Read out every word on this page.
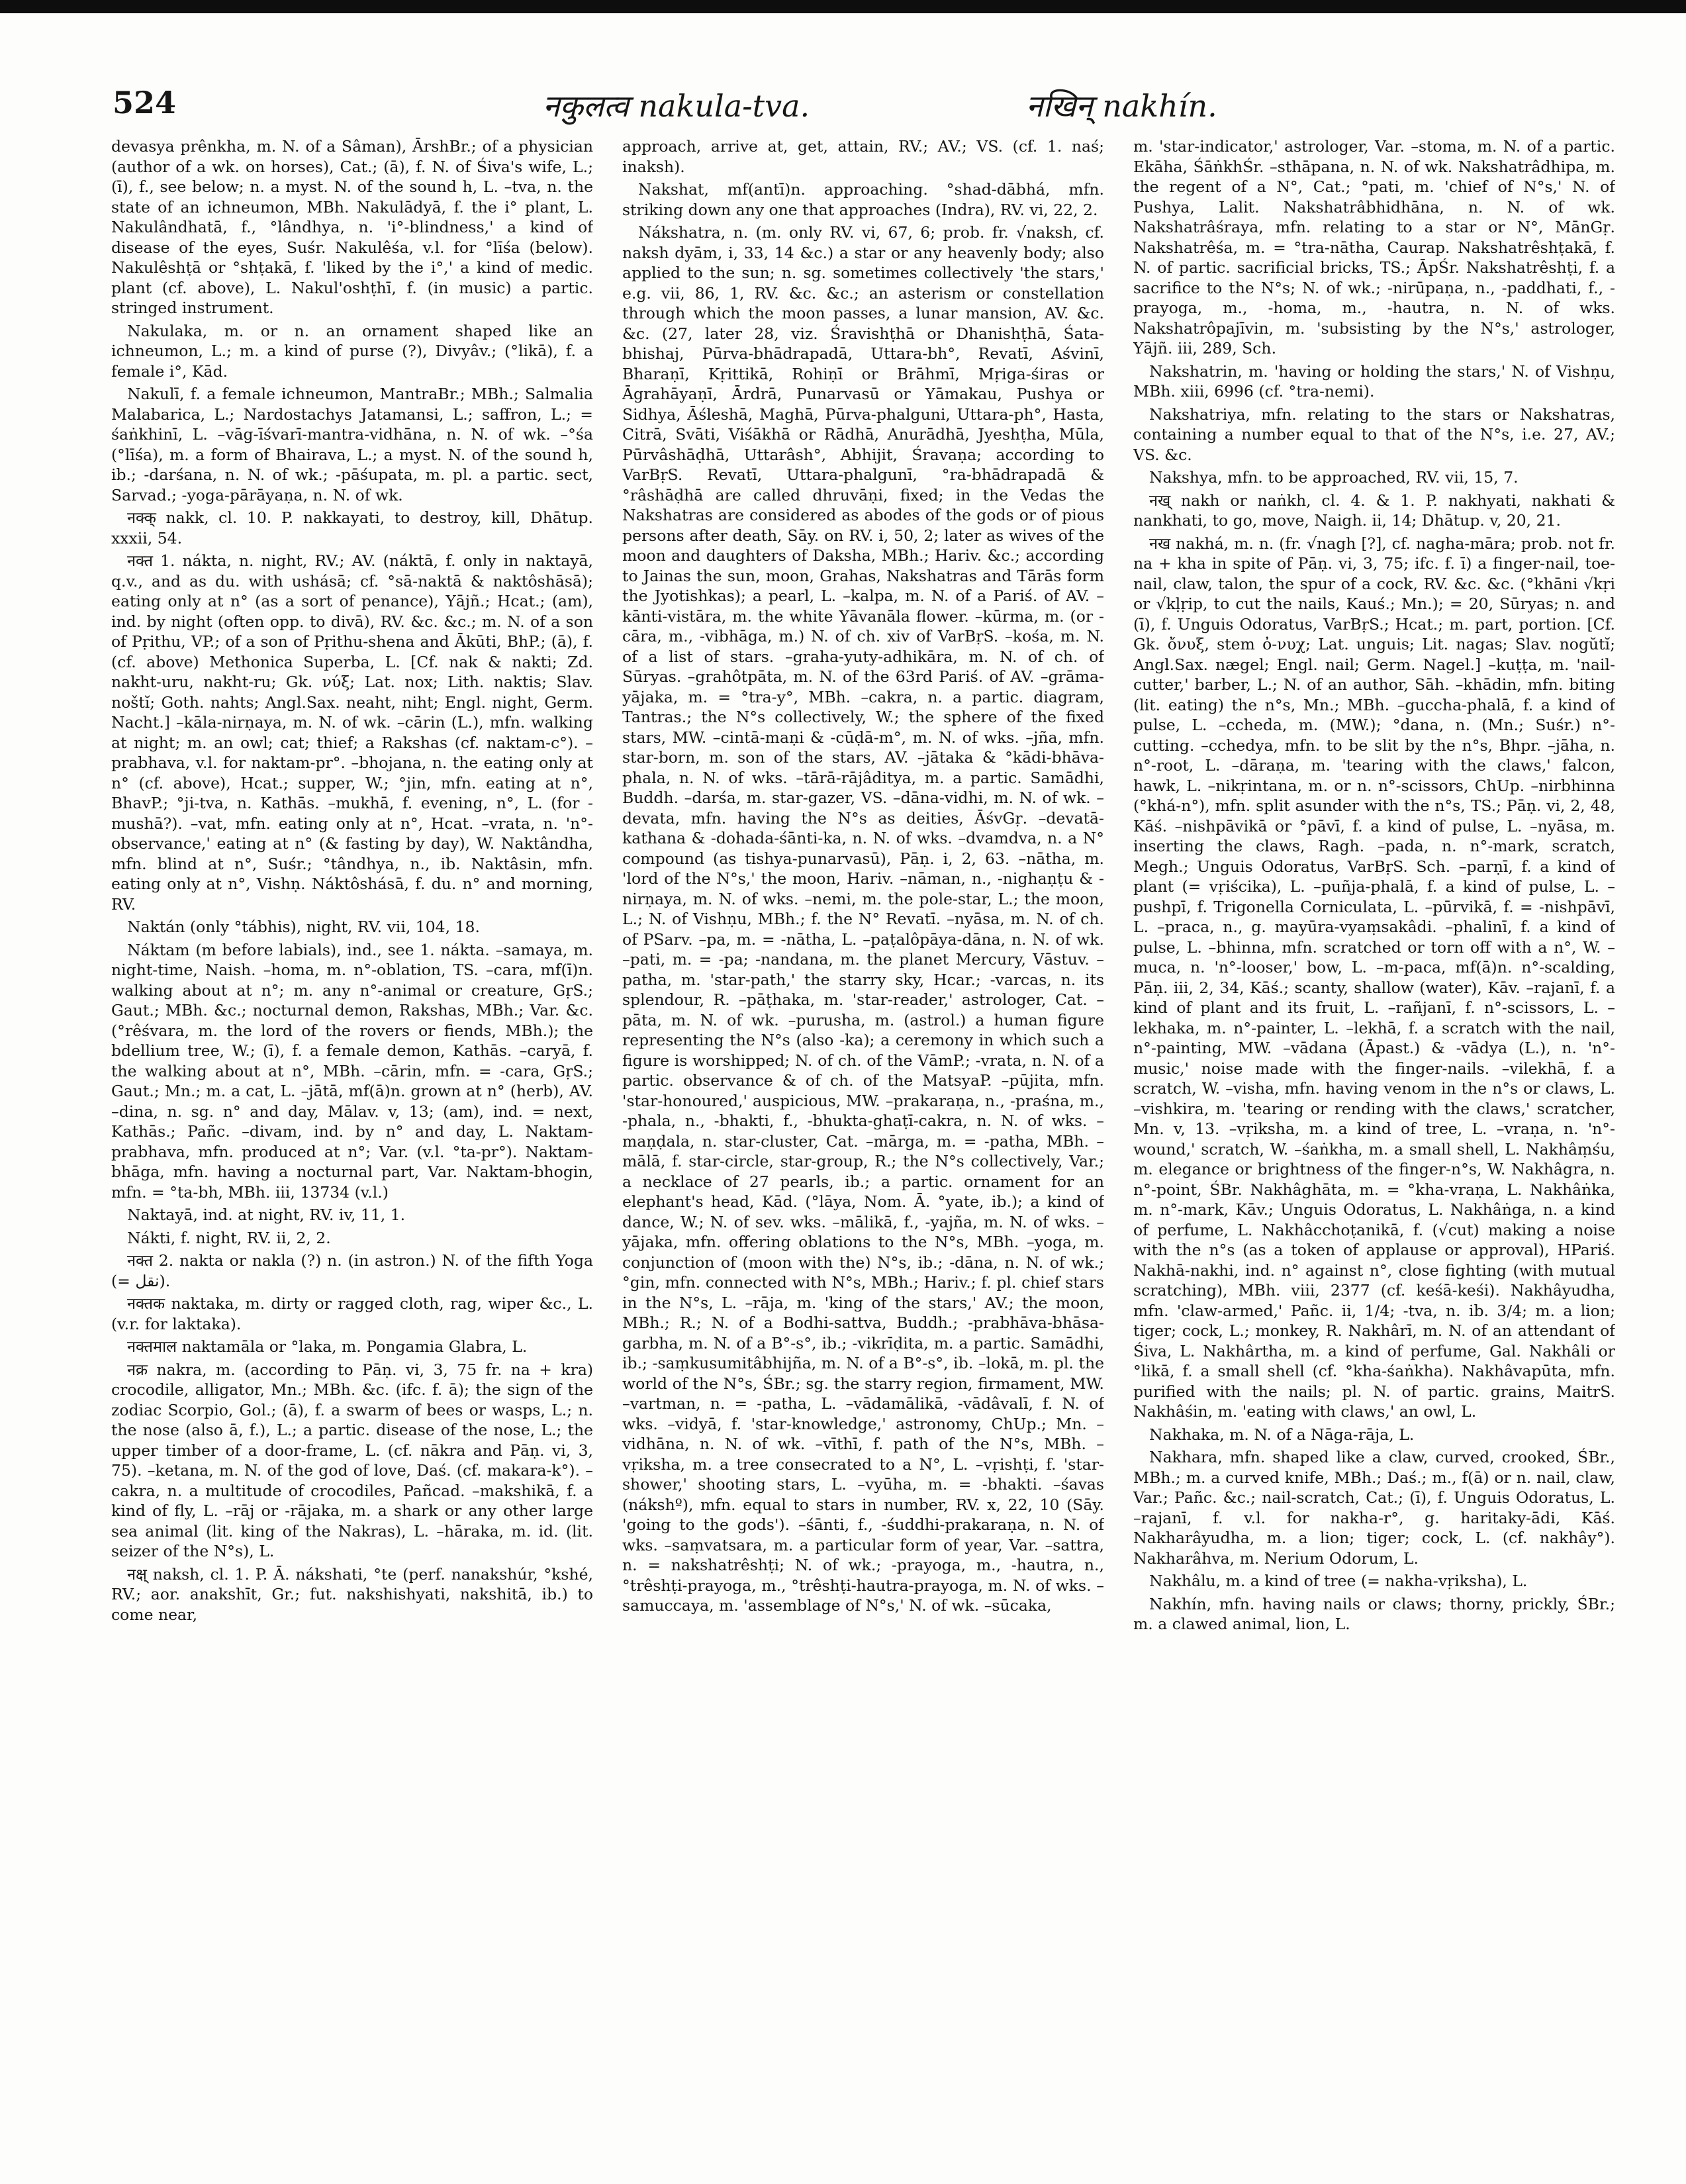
524	नकुलत्व nakula-tva.	नखिन् nakhín.

devasya prênkha, m. N. of a Sâman), ĀrshBr.; of a physician (author of a wk. on horses), Cat.; (ā), f. N. of Śiva's wife, L.; (ī), f., see below; n. a myst. N. of the sound h, L. –tva, n. the state of an ichneumon, MBh. Nakulādyā, f. the i° plant, L. Nakulândhatā, f., °lândhya, n. 'i°-blindness,' a kind of disease of the eyes, Suśr. Nakulêśa, v.l. for °līśa (below). Nakulêshṭā or °shṭakā, f. 'liked by the i°,' a kind of medic. plant (cf. above), L. Nakul'oshṭhī, f. (in music) a partic. stringed instrument.

Nakulaka, m. or n. an ornament shaped like an ichneumon, L.; m. a kind of purse (?), Divyâv.; (°likā), f. a female i°, Kād.

Nakulī, f. a female ichneumon, MantraBr.; MBh.; Salmalia Malabarica, L.; Nardostachys Jatamansi, L.; saffron, L.; = śaṅkhinī, L. –vāg-īśvarī-mantra-vidhāna, n. N. of wk. –°śa (°līśa), m. a form of Bhairava, L.; a myst. N. of the sound h, ib.; -darśana, n. N. of wk.; -pāśupata, m. pl. a partic. sect, Sarvad.; -yoga-pārāyaṇa, n. N. of wk.

नक्क् nakk, cl. 10. P. nakkayati, to destroy, kill, Dhātup. xxxii, 54.

नक्त 1. nákta, n. night, RV.; AV. (náktā, f. only in naktayā, q.v., and as du. with ushásā; cf. °sā-naktā & naktôshāsā); eating only at n° (as a sort of penance), Yājñ.; Hcat.; (am), ind. by night (often opp. to divā), RV. &c. &c.; m. N. of a son of Pṛithu, VP.; of a son of Pṛithu-shena and Ākūti, BhP.; (ā), f. (cf. above) Methonica Superba, L. [Cf. nak & nakti; Zd. nakht-uru, nakht-ru; Gk. νύξ; Lat. nox; Lith. naktis; Slav. noštĭ; Goth. nahts; Angl.Sax. neaht, niht; Engl. night, Germ. Nacht.] –kāla-nirṇaya, m. N. of wk. –cārin (L.), mfn. walking at night; m. an owl; cat; thief; a Rakshas (cf. naktam-c°). –prabhava, v.l. for naktam-pr°. –bhojana, n. the eating only at n° (cf. above), Hcat.; supper, W.; °jin, mfn. eating at n°, BhavP.; °ji-tva, n. Kathās. –mukhā, f. evening, n°, L. (for -mushā?). –vat, mfn. eating only at n°, Hcat. –vrata, n. 'n°-observance,' eating at n° (& fasting by day), W. Naktândha, mfn. blind at n°, Suśr.; °tândhya, n., ib. Naktâsin, mfn. eating only at n°, Vishṇ. Náktôshásā, f. du. n° and morning, RV.

Naktán (only °tábhis), night, RV. vii, 104, 18.

Náktam (m before labials), ind., see 1. nákta. –samaya, m. night-time, Naish. –homa, m. n°-oblation, TS. –cara, mf(ī)n. walking about at n°; m. any n°-animal or creature, GṛS.; Gaut.; MBh. &c.; nocturnal demon, Rakshas, MBh.; Var. &c. (°rêśvara, m. the lord of the rovers or fiends, MBh.); the bdellium tree, W.; (ī), f. a female demon, Kathās. –caryā, f. the walking about at n°, MBh. –cārin, mfn. = -cara, GṛS.; Gaut.; Mn.; m. a cat, L. –jātā, mf(ā)n. grown at n° (herb), AV. –dina, n. sg. n° and day, Mālav. v, 13; (am), ind. = next, Kathās.; Pañc. –divam, ind. by n° and day, L. Naktam-prabhava, mfn. produced at n°; Var. (v.l. °ta-pr°). Naktam-bhāga, mfn. having a nocturnal part, Var. Naktam-bhogin, mfn. = °ta-bh, MBh. iii, 13734 (v.l.)

Naktayā, ind. at night, RV. iv, 11, 1.

Nákti, f. night, RV. ii, 2, 2.

नक्त 2. nakta or nakla (?) n. (in astron.) N. of the fifth Yoga (= نقل).

नक्तक naktaka, m. dirty or ragged cloth, rag, wiper &c., L. (v.r. for laktaka).

नक्तमाल naktamāla or °laka, m. Pongamia Glabra, L.

नक्र nakra, m. (according to Pāṇ. vi, 3, 75 fr. na + kra) crocodile, alligator, Mn.; MBh. &c. (ifc. f. ā); the sign of the zodiac Scorpio, Gol.; (ā), f. a swarm of bees or wasps, L.; n. the nose (also ā, f.), L.; a partic. disease of the nose, L.; the upper timber of a door-frame, L. (cf. nākra and Pāṇ. vi, 3, 75). –ketana, m. N. of the god of love, Daś. (cf. makara-k°). –cakra, n. a multitude of crocodiles, Pañcad. –makshikā, f. a kind of fly, L. –rāj or -rājaka, m. a shark or any other large sea animal (lit. king of the Nakras), L. –hāraka, m. id. (lit. seizer of the N°s), L.

नक्ष् naksh, cl. 1. P. Ā. nákshati, °te (perf. nanakshúr, °kshé, RV.; aor. anakshīt, Gr.; fut. nakshishyati, nakshitā, ib.) to come near,

approach, arrive at, get, attain, RV.; AV.; VS. (cf. 1. naś; inaksh).

Nakshat, mf(antī)n. approaching. °shad-dābhá, mfn. striking down any one that approaches (Indra), RV. vi, 22, 2.

Nákshatra, n. (m. only RV. vi, 67, 6; prob. fr. √naksh, cf. naksh dyām, i, 33, 14 &c.) a star or any heavenly body; also applied to the sun; n. sg. sometimes collectively 'the stars,' e.g. vii, 86, 1, RV. &c. &c.; an asterism or constellation through which the moon passes, a lunar mansion, AV. &c. &c. (27, later 28, viz. Śravishṭhā or Dhanishṭhā, Śata-bhishaj, Pūrva-bhādrapadā, Uttara-bh°, Revatī, Aśvinī, Bharaṇī, Kṛittikā, Rohiṇī or Brāhmī, Mṛiga-śiras or Āgrahāyaṇī, Ārdrā, Punarvasū or Yāmakau, Pushya or Sidhya, Āśleshā, Maghā, Pūrva-phalguni, Uttara-ph°, Hasta, Citrā, Svāti, Viśākhā or Rādhā, Anurādhā, Jyeshṭha, Mūla, Pūrvâshāḍhā, Uttarâsh°, Abhijit, Śravaṇa; according to VarBṛS. Revatī, Uttara-phalgunī, °ra-bhādrapadā & °râshāḍhā are called dhruvāṇi, fixed; in the Vedas the Nakshatras are considered as abodes of the gods or of pious persons after death, Sāy. on RV. i, 50, 2; later as wives of the moon and daughters of Daksha, MBh.; Hariv. &c.; according to Jainas the sun, moon, Grahas, Nakshatras and Tārās form the Jyotishkas); a pearl, L. –kalpa, m. N. of a Pariś. of AV. –kānti-vistāra, m. the white Yāvanāla flower. –kūrma, m. (or -cāra, m., -vibhāga, m.) N. of ch. xiv of VarBṛS. –kośa, m. N. of a list of stars. –graha-yuty-adhikāra, m. N. of ch. of Sūryas. –grahôtpāta, m. N. of the 63rd Pariś. of AV. –grāma-yājaka, m. = °tra-y°, MBh. –cakra, n. a partic. diagram, Tantras.; the N°s collectively, W.; the sphere of the fixed stars, MW. –cintā-maṇi & -cūḍā-m°, m. N. of wks. –jña, mfn. star-born, m. son of the stars, AV. –jātaka & °kādi-bhāva-phala, n. N. of wks. –tārā-rājâditya, m. a partic. Samādhi, Buddh. –darśa, m. star-gazer, VS. –dāna-vidhi, m. N. of wk. –devata, mfn. having the N°s as deities, ĀśvGṛ. –devatā-kathana & -dohada-śānti-ka, n. N. of wks. –dvamdva, n. a N° compound (as tishya-punarvasū), Pāṇ. i, 2, 63. –nātha, m. 'lord of the N°s,' the moon, Hariv. –nāman, n., -nighaṇṭu & -nirṇaya, m. N. of wks. –nemi, m. the pole-star, L.; the moon, L.; N. of Vishṇu, MBh.; f. the N° Revatī. –nyāsa, m. N. of ch. of PSarv. –pa, m. = -nātha, L. –paṭalôpāya-dāna, n. N. of wk. –pati, m. = -pa; -nandana, m. the planet Mercury, Vāstuv. –patha, m. 'star-path,' the starry sky, Hcar.; -varcas, n. its splendour, R. –pāṭhaka, m. 'star-reader,' astrologer, Cat. –pāta, m. N. of wk. –purusha, m. (astrol.) a human figure representing the N°s (also -ka); a ceremony in which such a figure is worshipped; N. of ch. of the VāmP.; -vrata, n. N. of a partic. observance & of ch. of the MatsyaP. –pūjita, mfn. 'star-honoured,' auspicious, MW. –prakaraṇa, n., -praśna, m., -phala, n., -bhakti, f., -bhukta-ghaṭī-cakra, n. N. of wks. –maṇḍala, n. star-cluster, Cat. –mārga, m. = -patha, MBh. –mālā, f. star-circle, star-group, R.; the N°s collectively, Var.; a necklace of 27 pearls, ib.; a partic. ornament for an elephant's head, Kād. (°lāya, Nom. Ā. °yate, ib.); a kind of dance, W.; N. of sev. wks. –mālikā, f., -yajña, m. N. of wks. –yājaka, mfn. offering oblations to the N°s, MBh. –yoga, m. conjunction of (moon with the) N°s, ib.; -dāna, n. N. of wk.; °gin, mfn. connected with N°s, MBh.; Hariv.; f. pl. chief stars in the N°s, L. –rāja, m. 'king of the stars,' AV.; the moon, MBh.; R.; N. of a Bodhi-sattva, Buddh.; -prabhāva-bhāsa-garbha, m. N. of a B°-s°, ib.; -vikrīḍita, m. a partic. Samādhi, ib.; -saṃkusumitâbhijña, m. N. of a B°-s°, ib. –lokā, m. pl. the world of the N°s, ŚBr.; sg. the starry region, firmament, MW. –vartman, n. = -patha, L. –vādamālikā, -vādâvalī, f. N. of wks. –vidyā, f. 'star-knowledge,' astronomy, ChUp.; Mn. –vidhāna, n. N. of wk. –vīthī, f. path of the N°s, MBh. –vṛiksha, m. a tree consecrated to a N°, L. –vṛishṭi, f. 'star-shower,' shooting stars, L. –vyūha, m. = -bhakti. –śavas (nákshº), mfn. equal to stars in number, RV. x, 22, 10 (Sāy. 'going to the gods'). –śānti, f., -śuddhi-prakaraṇa, n. N. of wks. –saṃvatsara, m. a particular form of year, Var. –sattra, n. = nakshatrêshṭi; N. of wk.; -prayoga, m., -hautra, n., °trêshṭi-prayoga, m., °trêshṭi-hautra-prayoga, m. N. of wks. –samuccaya, m. 'assemblage of N°s,' N. of wk. –sūcaka,

m. 'star-indicator,' astrologer, Var. –stoma, m. N. of a partic. Ekāha, ŚāṅkhŚr. –sthāpana, n. N. of wk. Nakshatrâdhipa, m. the regent of a N°, Cat.; °pati, m. 'chief of N°s,' N. of Pushya, Lalit. Nakshatrâbhidhāna, n. N. of wk. Nakshatrâśraya, mfn. relating to a star or N°, MānGṛ. Nakshatrêśa, m. = °tra-nātha, Caurap. Nakshatrêshṭakā, f. N. of partic. sacrificial bricks, TS.; ĀpŚr. Nakshatrêshṭi, f. a sacrifice to the N°s; N. of wk.; -nirūpaṇa, n., -paddhati, f., -prayoga, m., -homa, m., -hautra, n. N. of wks. Nakshatrôpajīvin, m. 'subsisting by the N°s,' astrologer, Yājñ. iii, 289, Sch.

Nakshatrin, m. 'having or holding the stars,' N. of Vishṇu, MBh. xiii, 6996 (cf. °tra-nemi).

Nakshatriya, mfn. relating to the stars or Nakshatras, containing a number equal to that of the N°s, i.e. 27, AV.; VS. &c.

Nakshya, mfn. to be approached, RV. vii, 15, 7.

नख् nakh or naṅkh, cl. 4. & 1. P. nakhyati, nakhati & nankhati, to go, move, Naigh. ii, 14; Dhātup. v, 20, 21.

नख nakhá, m. n. (fr. √nagh [?], cf. nagha-māra; prob. not fr. na + kha in spite of Pāṇ. vi, 3, 75; ifc. f. ī) a finger-nail, toe-nail, claw, talon, the spur of a cock, RV. &c. &c. (°khāni √kṛi or √kḷṛip, to cut the nails, Kauś.; Mn.); = 20, Sūryas; n. and (ī), f. Unguis Odoratus, VarBṛS.; Hcat.; m. part, portion. [Cf. Gk. ὄνυξ, stem ὀ-νυχ; Lat. unguis; Lit. nagas; Slav. nogŭtĭ; Angl.Sax. nægel; Engl. nail; Germ. Nagel.] –kuṭṭa, m. 'nail-cutter,' barber, L.; N. of an author, Sāh. –khādin, mfn. biting (lit. eating) the n°s, Mn.; MBh. –guccha-phalā, f. a kind of pulse, L. –ccheda, m. (MW.); °dana, n. (Mn.; Suśr.) n°-cutting. –cchedya, mfn. to be slit by the n°s, Bhpr. –jāha, n. n°-root, L. –dāraṇa, m. 'tearing with the claws,' falcon, hawk, L. –nikṛintana, m. or n. n°-scissors, ChUp. –nirbhinna (°khá-n°), mfn. split asunder with the n°s, TS.; Pāṇ. vi, 2, 48, Kāś. –nishpāvikā or °pāvī, f. a kind of pulse, L. –nyāsa, m. inserting the claws, Ragh. –pada, n. n°-mark, scratch, Megh.; Unguis Odoratus, VarBṛS. Sch. –parṇī, f. a kind of plant (= vṛiścika), L. –puñja-phalā, f. a kind of pulse, L. –pushpī, f. Trigonella Corniculata, L. –pūrvikā, f. = -nishpāvī, L. –praca, n., g. mayūra-vyaṃsakâdi. –phalinī, f. a kind of pulse, L. –bhinna, mfn. scratched or torn off with a n°, W. –muca, n. 'n°-looser,' bow, L. –m-paca, mf(ā)n. n°-scalding, Pāṇ. iii, 2, 34, Kāś.; scanty, shallow (water), Kāv. –rajanī, f. a kind of plant and its fruit, L. –rañjanī, f. n°-scissors, L. –lekhaka, m. n°-painter, L. –lekhā, f. a scratch with the nail, n°-painting, MW. –vādana (Āpast.) & -vādya (L.), n. 'n°-music,' noise made with the finger-nails. –vilekhā, f. a scratch, W. –visha, mfn. having venom in the n°s or claws, L. –vishkira, m. 'tearing or rending with the claws,' scratcher, Mn. v, 13. –vṛiksha, m. a kind of tree, L. –vraṇa, n. 'n°-wound,' scratch, W. –śaṅkha, m. a small shell, L. Nakhâṃśu, m. elegance or brightness of the finger-n°s, W. Nakhâgra, n. n°-point, ŚBr. Nakhâghāta, m. = °kha-vraṇa, L. Nakhâṅka, m. n°-mark, Kāv.; Unguis Odoratus, L. Nakhâṅga, n. a kind of perfume, L. Nakhâcchoṭanikā, f. (√cut) making a noise with the n°s (as a token of applause or approval), HPariś. Nakhā-nakhi, ind. n° against n°, close fighting (with mutual scratching), MBh. viii, 2377 (cf. keśā-keśi). Nakhâyudha, mfn. 'claw-armed,' Pañc. ii, 1/4; -tva, n. ib. 3/4; m. a lion; tiger; cock, L.; monkey, R. Nakhârī, m. N. of an attendant of Śiva, L. Nakhârtha, m. a kind of perfume, Gal. Nakhâli or °likā, f. a small shell (cf. °kha-śaṅkha). Nakhâvapūta, mfn. purified with the nails; pl. N. of partic. grains, MaitrS. Nakhâśin, m. 'eating with claws,' an owl, L.

Nakhaka, m. N. of a Nāga-rāja, L.

Nakhara, mfn. shaped like a claw, curved, crooked, ŚBr., MBh.; m. a curved knife, MBh.; Daś.; m., f(ā) or n. nail, claw, Var.; Pañc. &c.; nail-scratch, Cat.; (ī), f. Unguis Odoratus, L. –rajanī, f. v.l. for nakha-r°, g. haritaky-ādi, Kāś. Nakharâyudha, m. a lion; tiger; cock, L. (cf. nakhây°). Nakharâhva, m. Nerium Odorum, L.

Nakhâlu, m. a kind of tree (= nakha-vṛiksha), L.

Nakhín, mfn. having nails or claws; thorny, prickly, ŚBr.; m. a clawed animal, lion, L.
